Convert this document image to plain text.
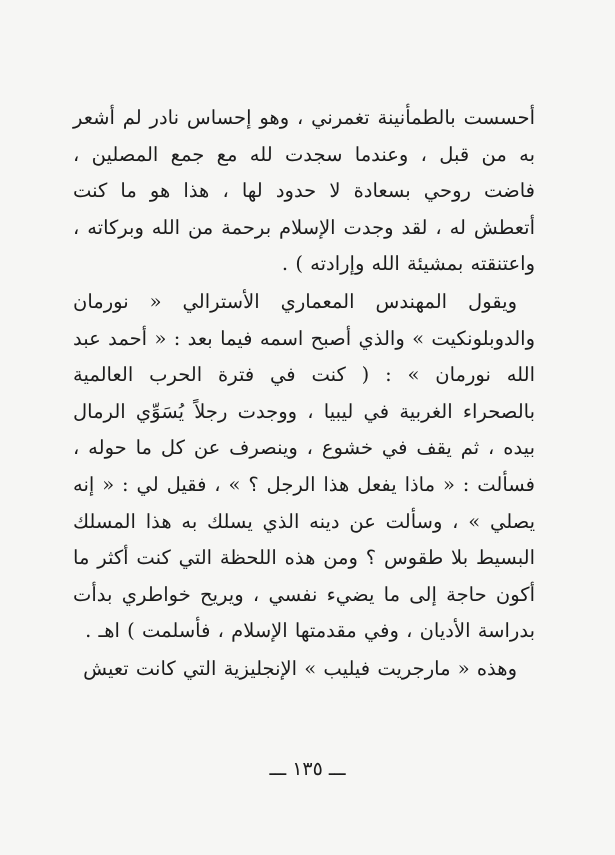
أحسست بالطمأنينة تغمرني ، وهو إحساس نادر لم أشعر به من قبل ، وعندما سجدت لله مع جمع المصلين ، فاضت روحي بسعادة لا حدود لها ، هذا هو ما كنت أتعطش له ، لقد وجدت الإسلام برحمة من الله وبركاته ، واعتنقته بمشيئة الله وإرادته ) .

ويقول المهندس المعماري الأسترالي « نورمان والدوبلونكيت » والذي أصبح اسمه فيما بعد : « أحمد عبد الله نورمان » : ( كنت في فترة الحرب العالمية بالصحراء الغربية في ليبيا ، ووجدت رجلاً يُسَوِّي الرمال بيده ، ثم يقف في خشوع ، وينصرف عن كل ما حوله ، فسألت : « ماذا يفعل هذا الرجل ؟ » ، فقيل لي : « إنه يصلي » ، وسألت عن دينه الذي يسلك به هذا المسلك البسيط بلا طقوس ؟ ومن هذه اللحظة التي كنت أكثر ما أكون حاجة إلى ما يضيء نفسي ، ويريح خواطري بدأت بدراسة الأديان ، وفي مقدمتها الإسلام ، فأسلمت ) اهـ .

وهذه « مارجريت فيليب » الإنجليزية التي كانت تعيش

ـــ ١٣٥ ـــ
